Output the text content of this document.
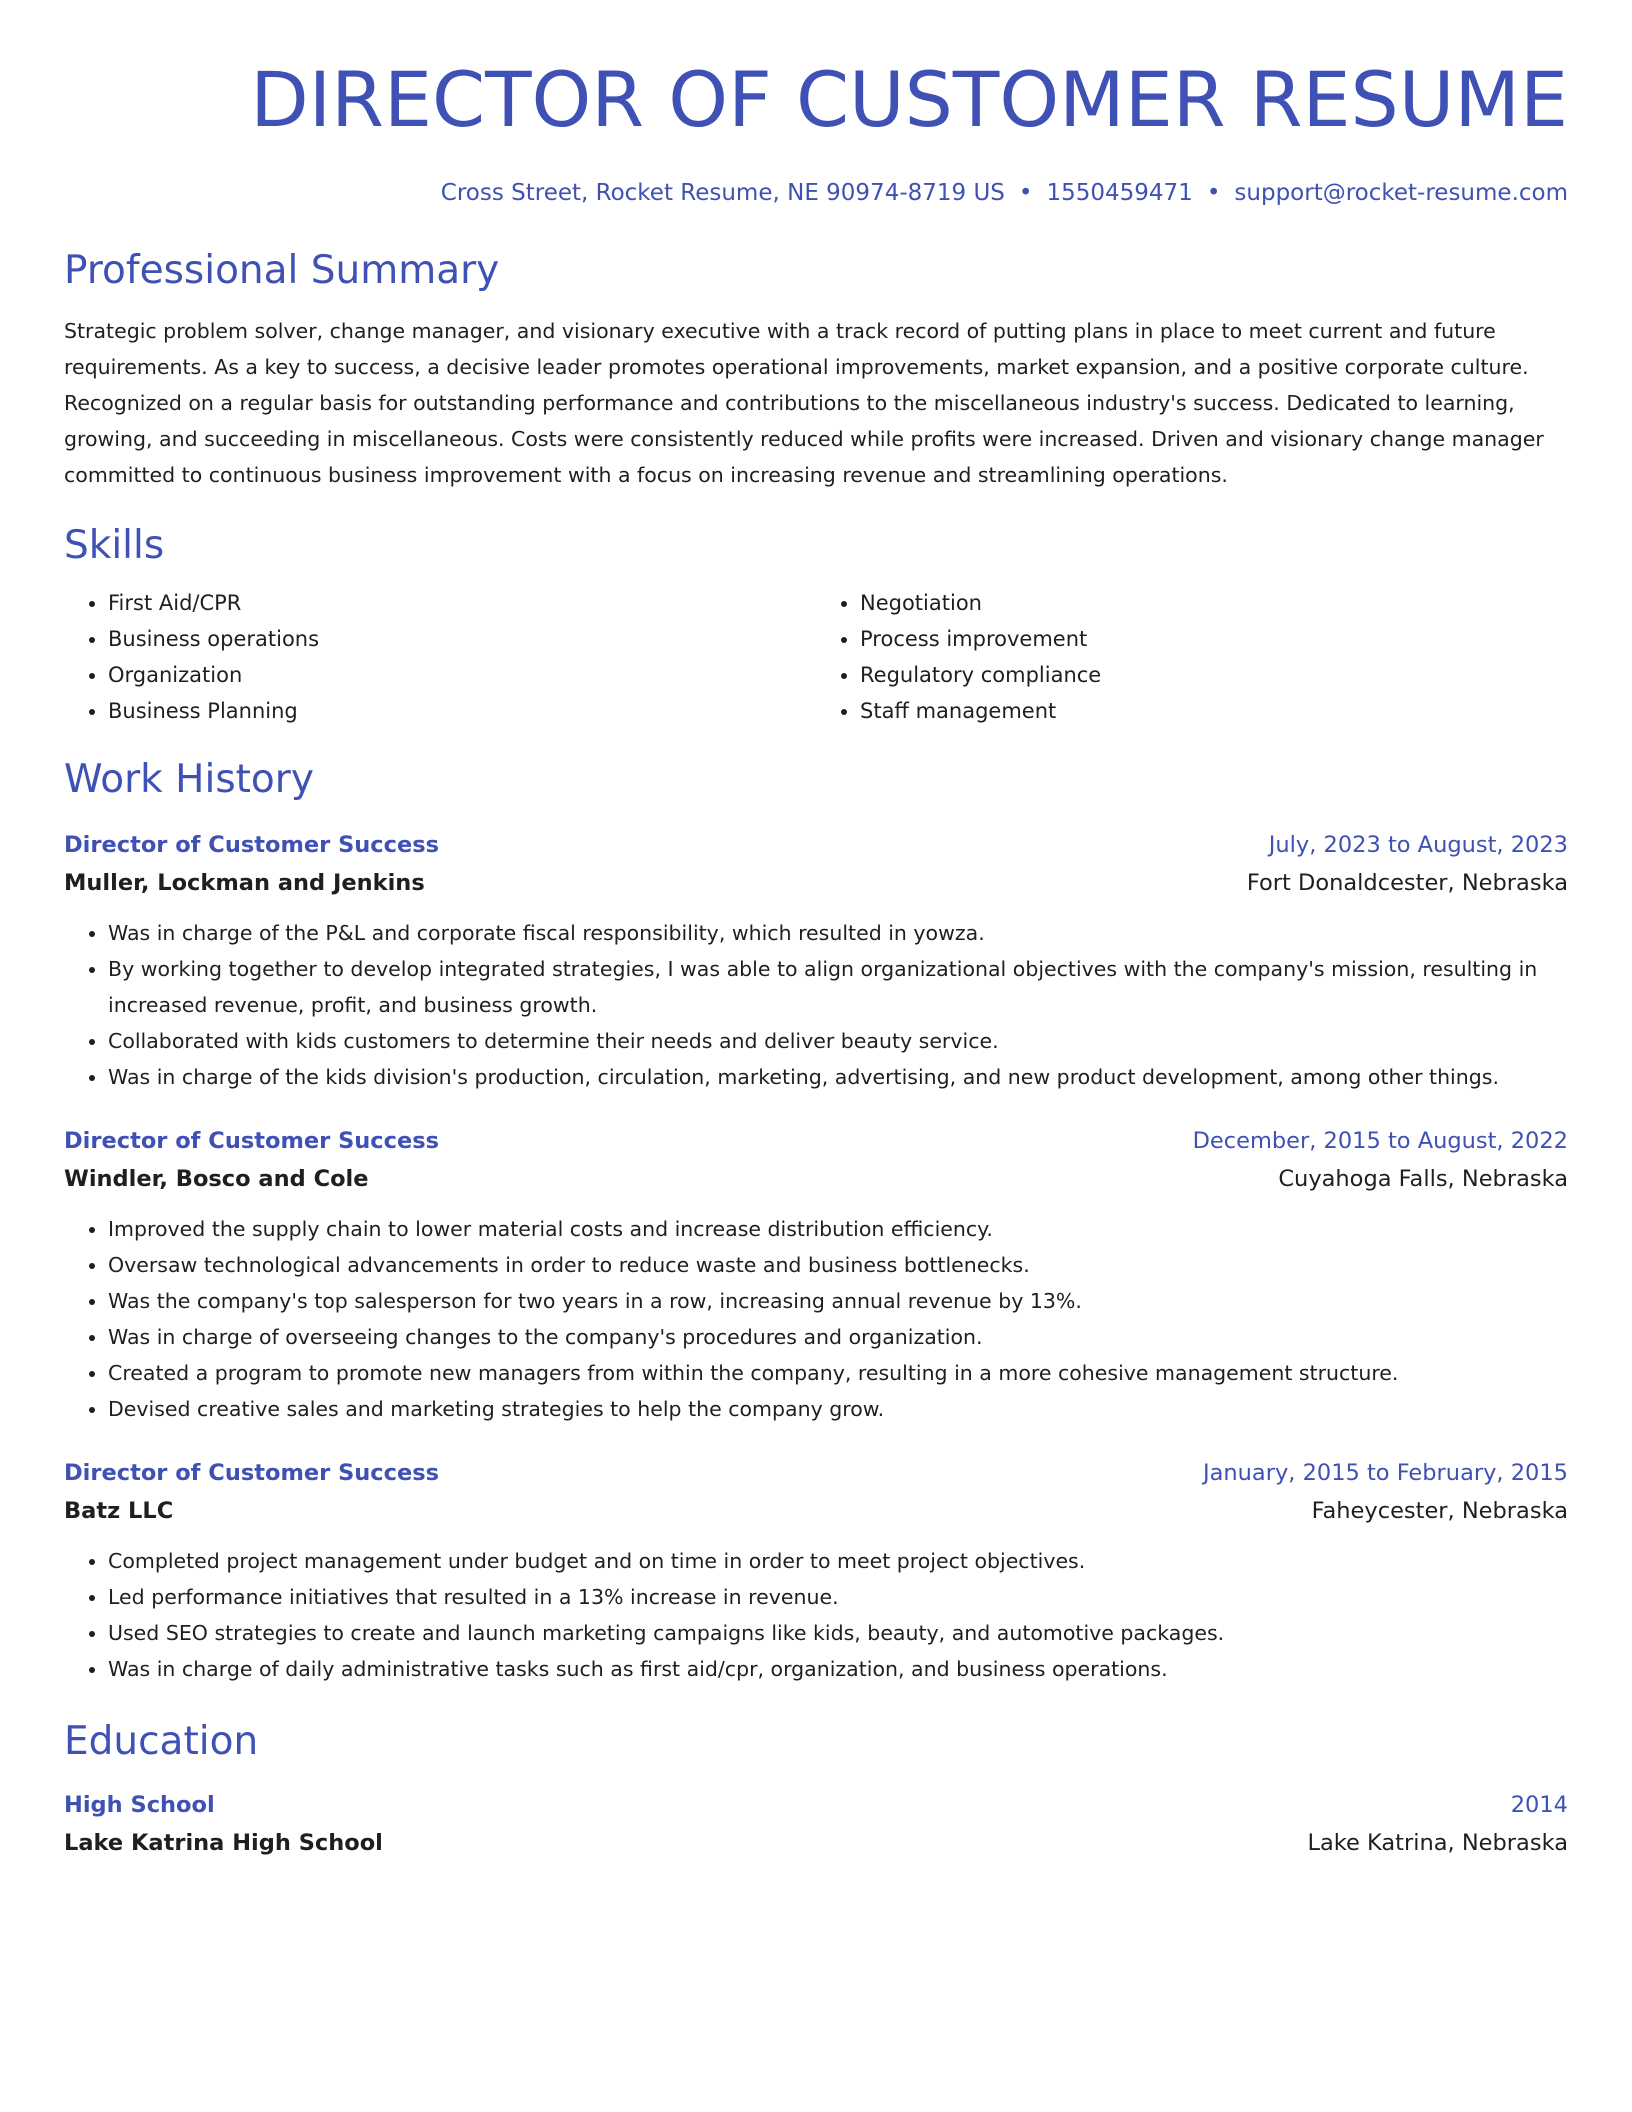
DIRECTOR OF CUSTOMER RESUME
Cross Street, Rocket Resume, NE 90974-8719 US • 1550459471 • support@rocket-resume.com
Professional Summary

Strategic problem solver, change manager, and visionary executive with a track record of putting plans in place to meet current and future requirements. As a key to success, a decisive leader promotes operational improvements, market expansion, and a positive corporate culture. Recognized on a regular basis for outstanding performance and contributions to the miscellaneous industry's success. Dedicated to learning, growing, and succeeding in miscellaneous. Costs were consistently reduced while profits were increased. Driven and visionary change manager committed to continuous business improvement with a focus on increasing revenue and streamlining operations.

Skills
• First Aid/CPR
• Business operations
• Organization
• Business Planning
• Negotiation
• Process improvement
• Regulatory compliance
• Staff management
Work History
Director of Customer Success	July, 2023 to August, 2023
Muller, Lockman and Jenkins	Fort Donaldcester, Nebraska
• Was in charge of the P&L and corporate fiscal responsibility, which resulted in yowza.
• By working together to develop integrated strategies, I was able to align organizational objectives with the company's mission, resulting in increased revenue, profit, and business growth.
• Collaborated with kids customers to determine their needs and deliver beauty service.
• Was in charge of the kids division's production, circulation, marketing, advertising, and new product development, among other things.
Director of Customer Success	December, 2015 to August, 2022
Windler, Bosco and Cole	Cuyahoga Falls, Nebraska
• Improved the supply chain to lower material costs and increase distribution efficiency.
• Oversaw technological advancements in order to reduce waste and business bottlenecks.
• Was the company's top salesperson for two years in a row, increasing annual revenue by 13%.
• Was in charge of overseeing changes to the company's procedures and organization.
• Created a program to promote new managers from within the company, resulting in a more cohesive management structure.
• Devised creative sales and marketing strategies to help the company grow.
Director of Customer Success	January, 2015 to February, 2015
Batz LLC	Faheycester, Nebraska
• Completed project management under budget and on time in order to meet project objectives.
• Led performance initiatives that resulted in a 13% increase in revenue.
• Used SEO strategies to create and launch marketing campaigns like kids, beauty, and automotive packages.
• Was in charge of daily administrative tasks such as first aid/cpr, organization, and business operations.
Education
High School	2014
Lake Katrina High School	Lake Katrina, Nebraska
